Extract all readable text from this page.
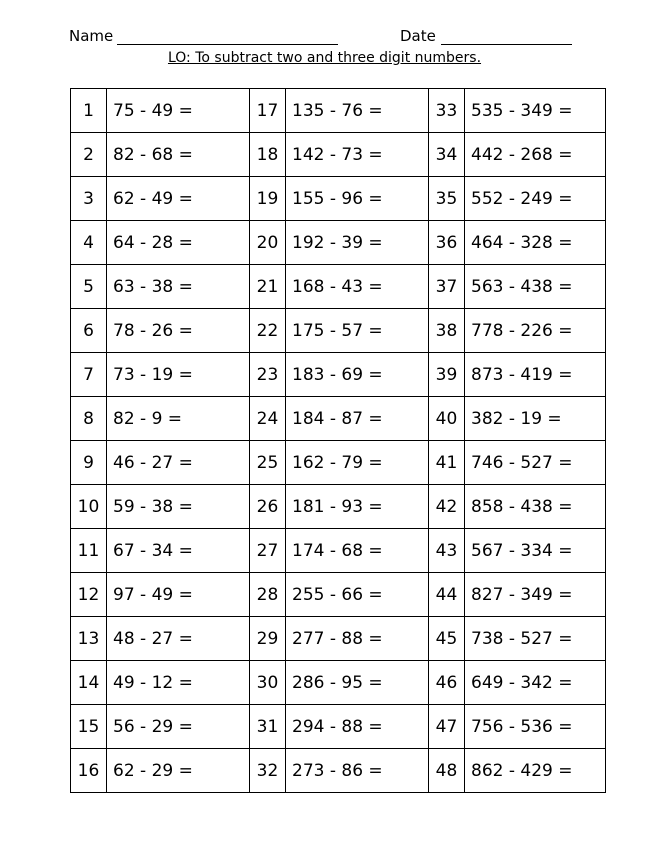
Name	Date
LO: To subtract two and three digit numbers.
1	75 - 49 =	17	135 - 76 =	33	535 - 349 =
2	82 - 68 =	18	142 - 73 =	34	442 - 268 =
3	62 - 49 =	19	155 - 96 =	35	552 - 249 =
4	64 - 28 =	20	192 - 39 =	36	464 - 328 =
5	63 - 38 =	21	168 - 43 =	37	563 - 438 =
6	78 - 26 =	22	175 - 57 =	38	778 - 226 =
7	73 - 19 =	23	183 - 69 =	39	873 - 419 =
8	82 - 9 =	24	184 - 87 =	40	382 - 19 =
9	46 - 27 =	25	162 - 79 =	41	746 - 527 =
10	59 - 38 =	26	181 - 93 =	42	858 - 438 =
11	67 - 34 =	27	174 - 68 =	43	567 - 334 =
12	97 - 49 =	28	255 - 66 =	44	827 - 349 =
13	48 - 27 =	29	277 - 88 =	45	738 - 527 =
14	49 - 12 =	30	286 - 95 =	46	649 - 342 =
15	56 - 29 =	31	294 - 88 =	47	756 - 536 =
16	62 - 29 =	32	273 - 86 =	48	862 - 429 =
